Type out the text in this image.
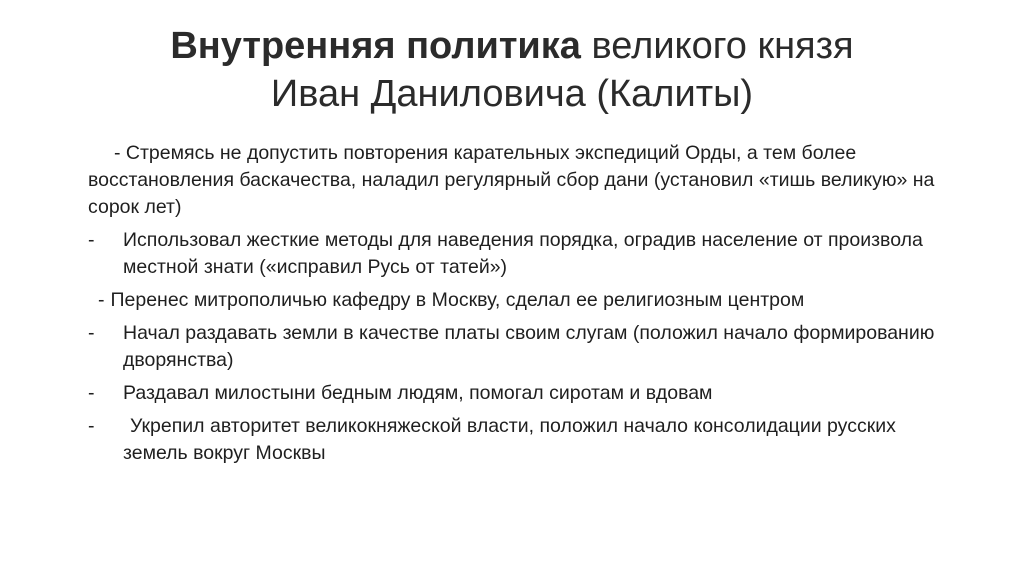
Внутренняя политика великого князя
Иван Даниловича (Калиты)

- Стремясь не допустить повторения карательных экспедиций Орды, а тем более восстановления баскачества, наладил регулярный сбор дани (установил «тишь великую» на сорок лет)

- Использовал жесткие методы для наведения порядка, оградив население от произвола местной знати («исправил Русь от татей»)
- Перенес митрополичью кафедру в Москву, сделал ее религиозным центром
- Начал раздавать земли в качестве платы своим слугам (положил начало формированию дворянства)
- Раздавал милостыни бедным людям, помогал сиротам и вдовам
- Укрепил авторитет великокняжеской власти, положил начало консолидации русских земель вокруг Москвы
